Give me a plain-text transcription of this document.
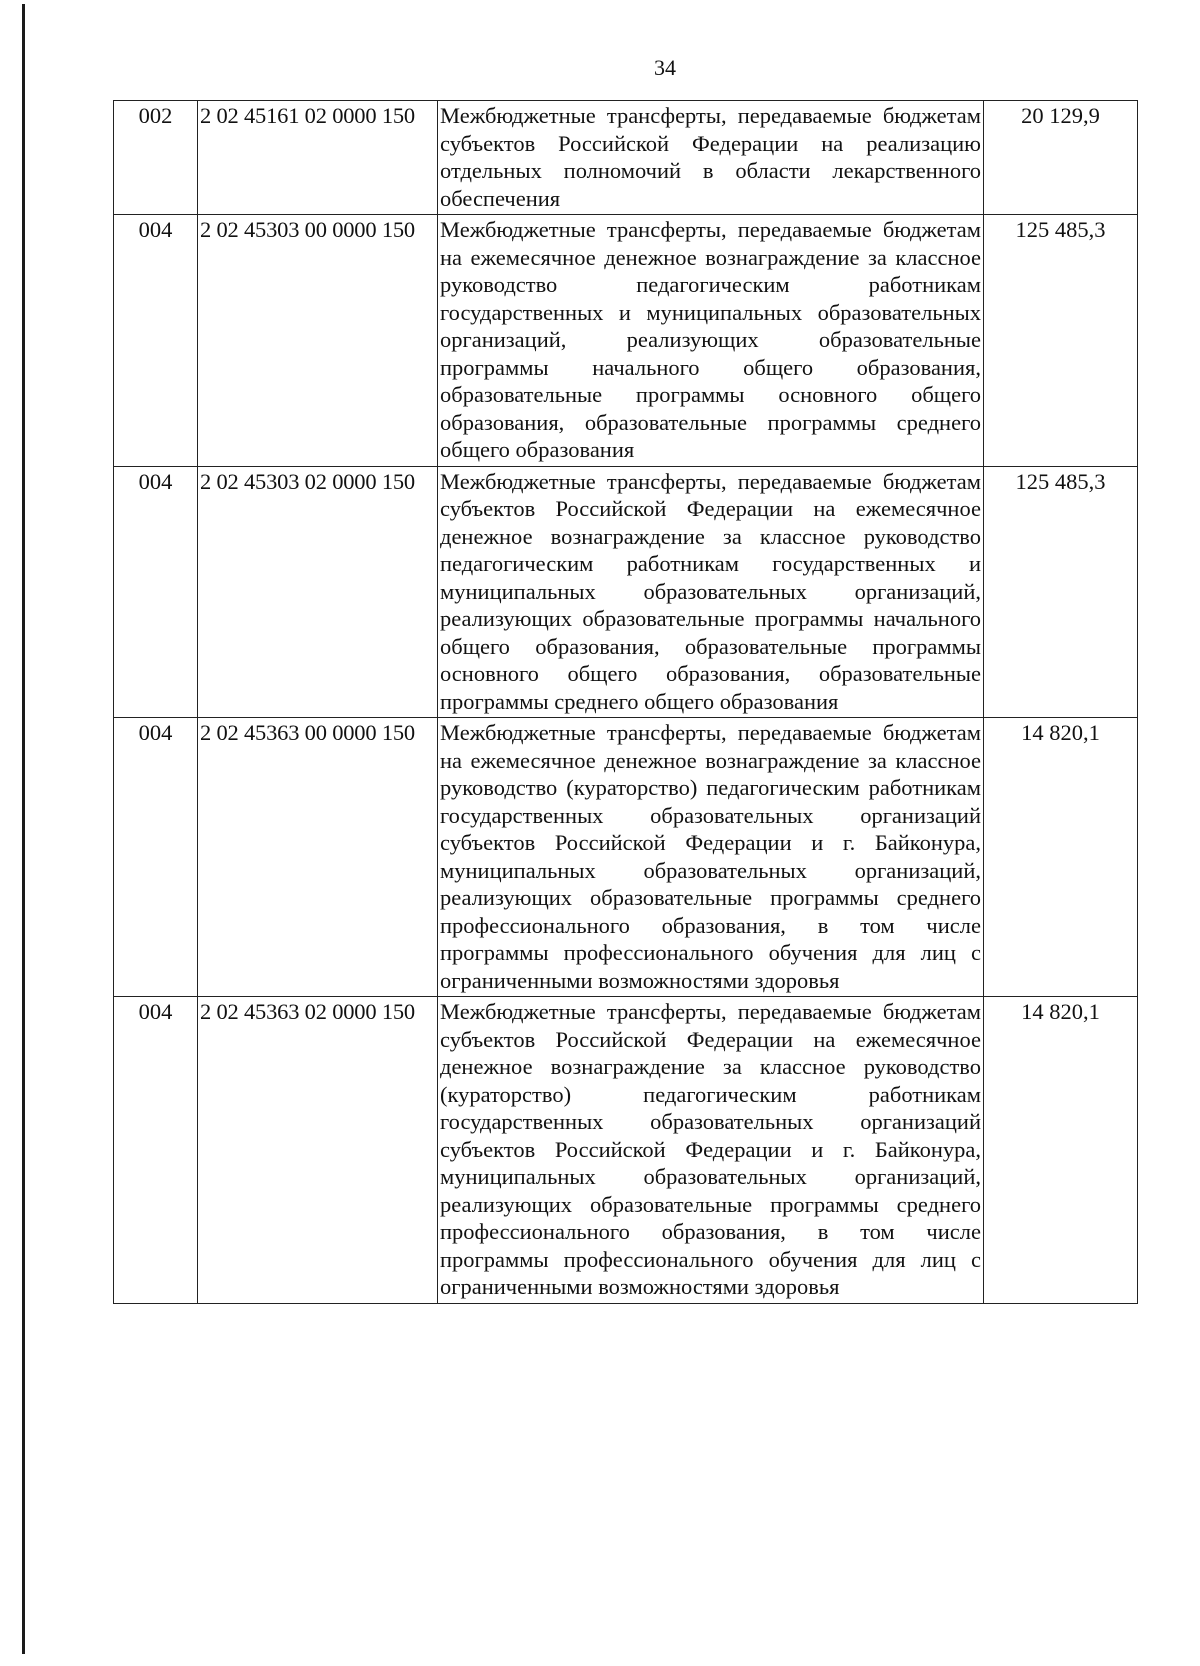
34
002	2 02 45161 02 0000 150	Межбюджетные трансферты, передаваемые бюджетам субъектов Российской Федерации на реализацию отдельных полномочий в области лекарственного обеспечения	20 129,9
004	2 02 45303 00 0000 150	Межбюджетные трансферты, передаваемые бюджетам на ежемесячное денежное вознаграждение за классное руководство педагогическим работникам государственных и муниципальных образовательных организаций, реализующих образовательные программы начального общего образования, образовательные программы основного общего образования, образовательные программы среднего общего образования	125 485,3
004	2 02 45303 02 0000 150	Межбюджетные трансферты, передаваемые бюджетам субъектов Российской Федерации на ежемесячное денежное вознаграждение за классное руководство педагогическим работникам государственных и муниципальных образовательных организаций, реализующих образовательные программы начального общего образования, образовательные программы основного общего образования, образовательные программы среднего общего образования	125 485,3
004	2 02 45363 00 0000 150	Межбюджетные трансферты, передаваемые бюджетам на ежемесячное денежное вознаграждение за классное руководство (кураторство) педагогическим работникам государственных образовательных организаций субъектов Российской Федерации и г. Байконура, муниципальных образовательных организаций, реализующих образовательные программы среднего профессионального образования, в том числе программы профессионального обучения для лиц с ограниченными возможностями здоровья	14 820,1
004	2 02 45363 02 0000 150	Межбюджетные трансферты, передаваемые бюджетам субъектов Российской Федерации на ежемесячное денежное вознаграждение за классное руководство (кураторство) педагогическим работникам государственных образовательных организаций субъектов Российской Федерации и г. Байконура, муниципальных образовательных организаций, реализующих образовательные программы среднего профессионального образования, в том числе программы профессионального обучения для лиц с ограниченными возможностями здоровья	14 820,1
